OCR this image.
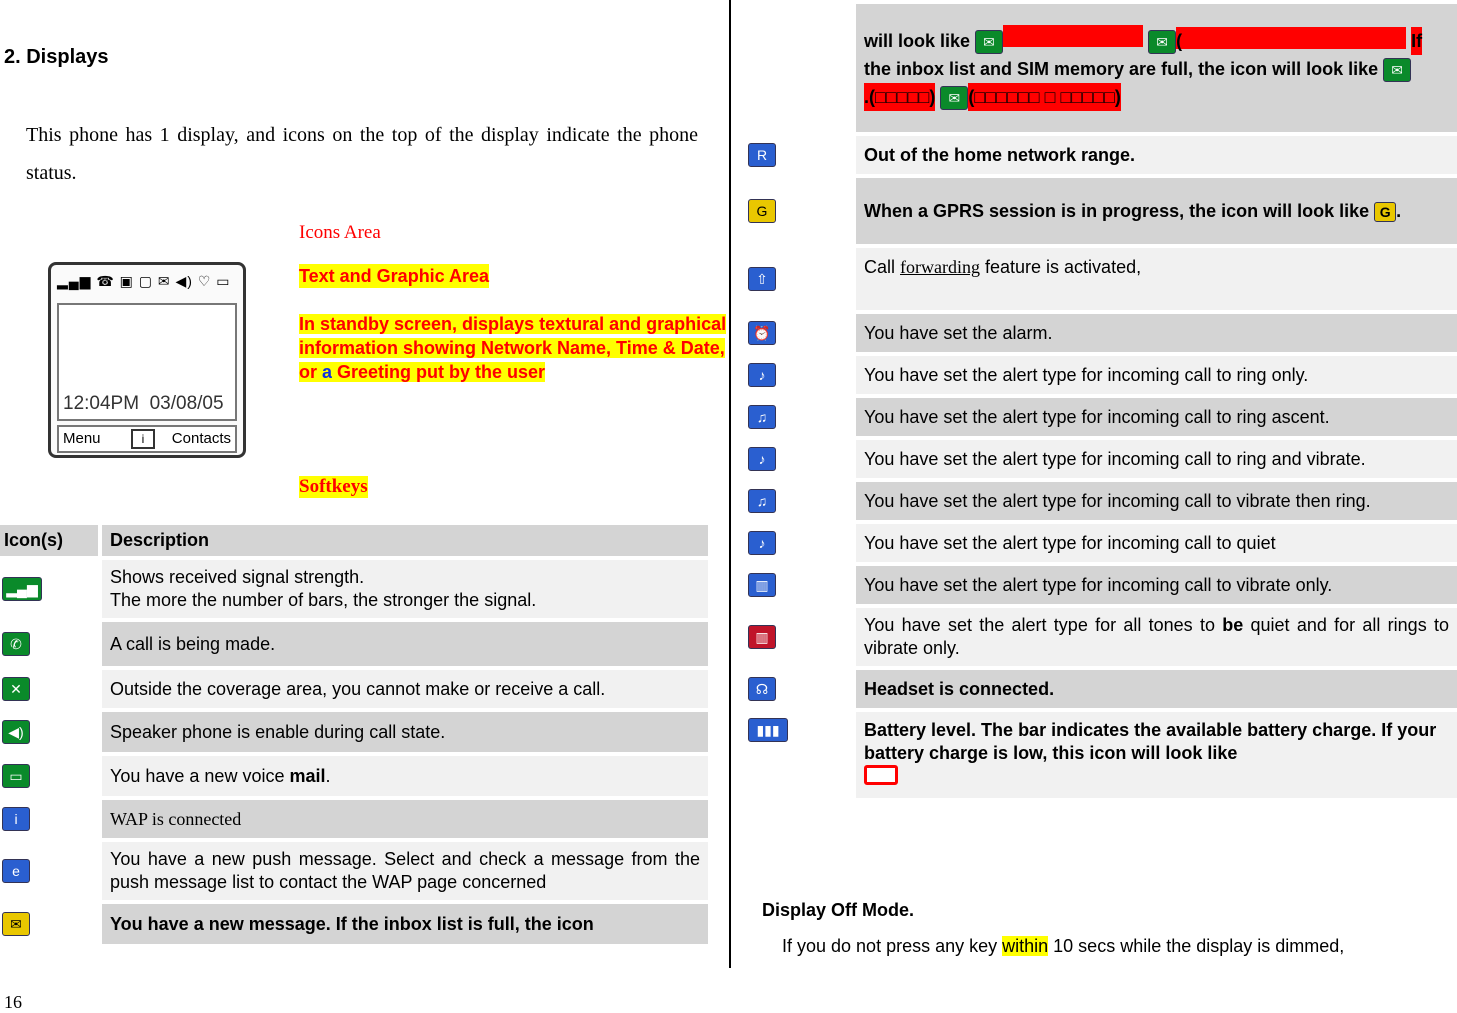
2. Displays
This phone has 1 display, and icons on the top of the display indicate the phone status.
▂▄▆ ☎ ▣ ▢ ✉ ◀) ♡ ▭
12:04PM 03/08/05
Menu	i	Contacts
Icons Area
Text and Graphic Area
In standby screen, displays textural and graphical information showing Network Name, Time & Date, or a Greeting put by the user
Softkeys
Icon(s)	Description
▂▄▆	Shows received signal strength.
The more the number of bars, the stronger the signal.

✆	A call is being made.
✕	Outside the coverage area, you cannot make or receive a call.
◀)	Speaker phone is enable during call state.
▭	You have a new voice mail.
i	WAP is connected
e	You have a new push message. Select and check a message from the push message list to contact the WAP page concerned
✉	You have a new message. If the inbox list is full, the icon
16
	will look like ✉ ✉ ( If the inbox list and SIM memory are full, the icon will look like ✉.(□□□□□) ✉ (□□□□□□ □ □□□□□)
R	Out of the home network range.
G	When a GPRS session is in progress, the icon will look like G .
⇧	Call forwarding feature is activated,
⏰	You have set the alarm.
♪	You have set the alert type for incoming call to ring only.
♫	You have set the alert type for incoming call to ring ascent.
♪	You have set the alert type for incoming call to ring and vibrate.
♫	You have set the alert type for incoming call to vibrate then ring.
♪	You have set the alert type for incoming call to quiet
▥	You have set the alert type for incoming call to vibrate only.
▥	You have set the alert type for all tones to be quiet and for all rings to vibrate only.
☊	Headset is connected.
▮▮▮	Battery level. The bar indicates the available battery charge. If your battery charge is low, this icon will look like

Display Off Mode.
If you do not press any key within 10 secs while the display is dimmed,
